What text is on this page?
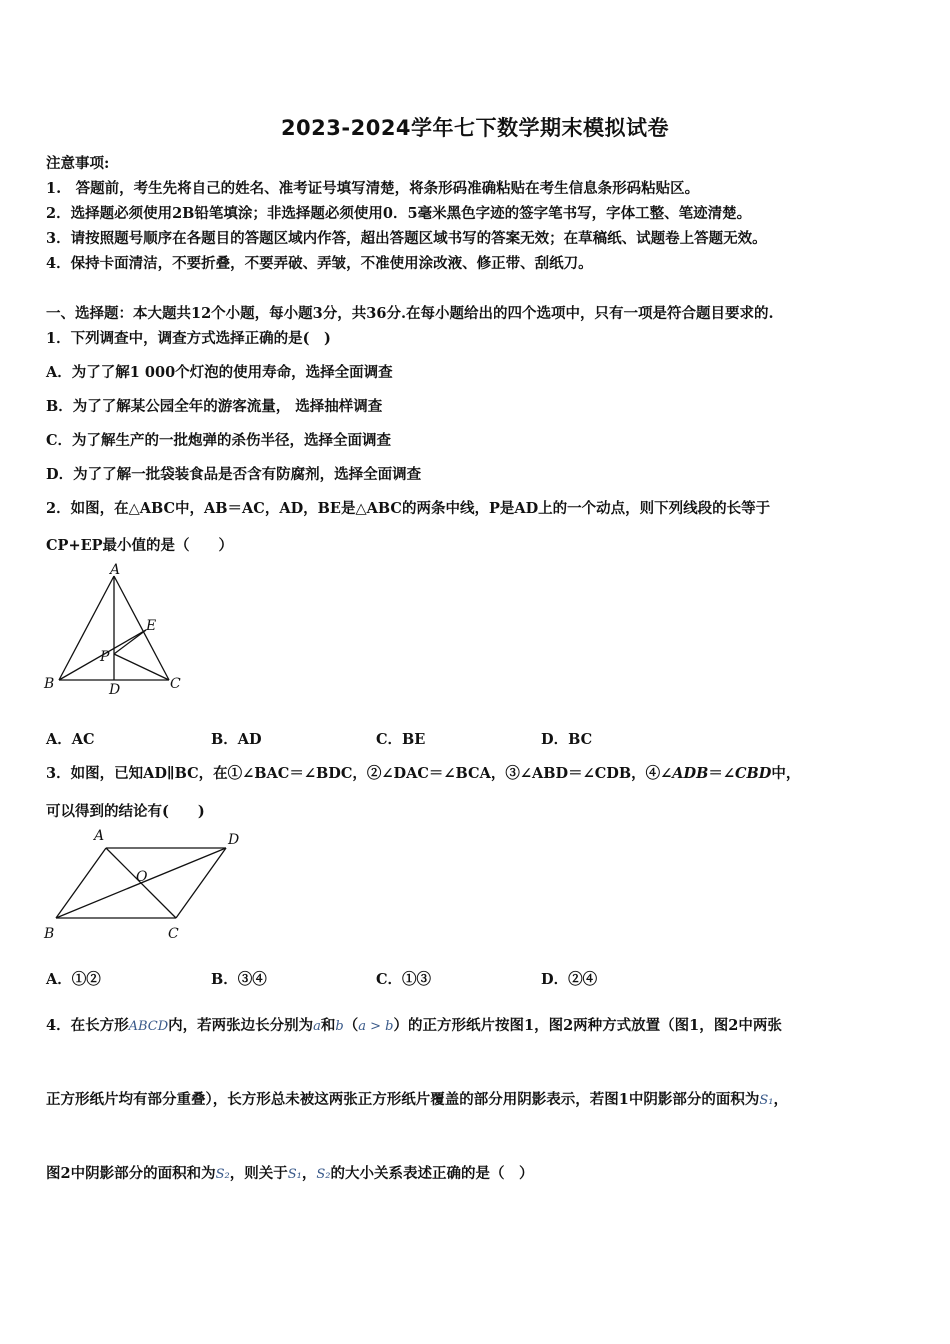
2023-2024学年七下数学期末模拟试卷
注意事项:
1.　答题前，考生先将自己的姓名、准考证号填写清楚，将条形码准确粘贴在考生信息条形码粘贴区。
2．选择题必须使用2B铅笔填涂；非选择题必须使用0．5毫米黑色字迹的签字笔书写，字体工整、笔迹清楚。
3．请按照题号顺序在各题目的答题区域内作答，超出答题区域书写的答案无效；在草稿纸、试题卷上答题无效。
4．保持卡面清洁，不要折叠，不要弄破、弄皱，不准使用涂改液、修正带、刮纸刀。
一、选择题：本大题共12个小题，每小题3分，共36分.在每小题给出的四个选项中，只有一项是符合题目要求的.
1．下列调查中，调查方式选择正确的是(　)
A．为了了解1 000个灯泡的使用寿命，选择全面调查
B．为了了解某公园全年的游客流量， 选择抽样调查
C．为了解生产的一批炮弹的杀伤半径，选择全面调查
D．为了了解一批袋装食品是否含有防腐剂，选择全面调查
2．如图，在△ABC中，AB＝AC，AD，BE是△ABC的两条中线，P是AD上的一个动点，则下列线段的长等于
CP+EP最小值的是（　　）
A
B	C
D
E
P
A．AC	B．AD	C．BE	D．BC
3．如图，已知AD∥BC，在①∠BAC＝∠BDC，②∠DAC＝∠BCA，③∠ABD＝∠CDB，④∠ADB＝∠CBD中，
可以得到的结论有(　　)
A	D
B	C
O
A．①②	B．③④	C．①③	D．②④
4．在长方形ABCD内，若两张边长分别为a和b（a > b）的正方形纸片按图1，图2两种方式放置（图1，图2中两张
正方形纸片均有部分重叠），长方形总未被这两张正方形纸片覆盖的部分用阴影表示，若图1中阴影部分的面积为S₁，
图2中阴影部分的面积和为S₂，则关于S₁，S₂的大小关系表述正确的是（　）
